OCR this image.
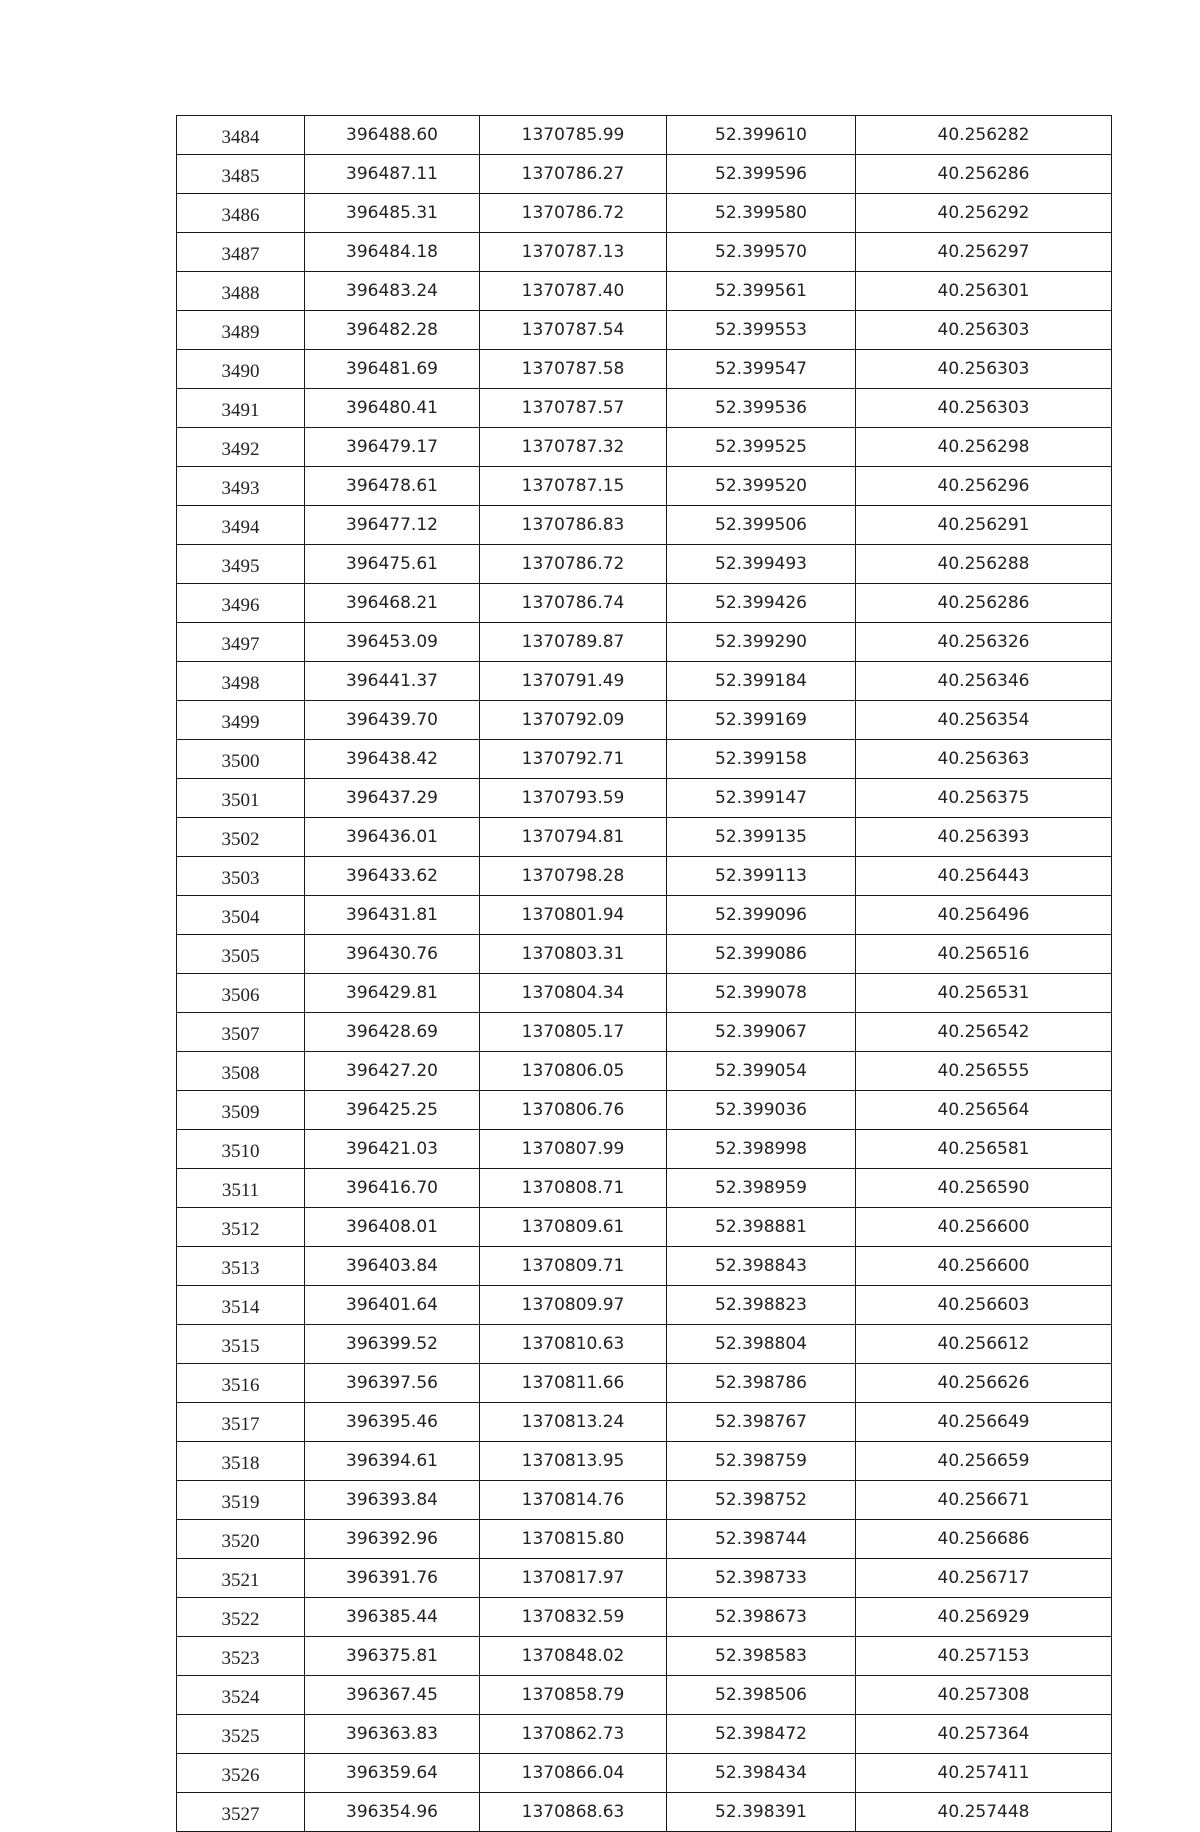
3484	396488.60	1370785.99	52.399610	40.256282
3485	396487.11	1370786.27	52.399596	40.256286
3486	396485.31	1370786.72	52.399580	40.256292
3487	396484.18	1370787.13	52.399570	40.256297
3488	396483.24	1370787.40	52.399561	40.256301
3489	396482.28	1370787.54	52.399553	40.256303
3490	396481.69	1370787.58	52.399547	40.256303
3491	396480.41	1370787.57	52.399536	40.256303
3492	396479.17	1370787.32	52.399525	40.256298
3493	396478.61	1370787.15	52.399520	40.256296
3494	396477.12	1370786.83	52.399506	40.256291
3495	396475.61	1370786.72	52.399493	40.256288
3496	396468.21	1370786.74	52.399426	40.256286
3497	396453.09	1370789.87	52.399290	40.256326
3498	396441.37	1370791.49	52.399184	40.256346
3499	396439.70	1370792.09	52.399169	40.256354
3500	396438.42	1370792.71	52.399158	40.256363
3501	396437.29	1370793.59	52.399147	40.256375
3502	396436.01	1370794.81	52.399135	40.256393
3503	396433.62	1370798.28	52.399113	40.256443
3504	396431.81	1370801.94	52.399096	40.256496
3505	396430.76	1370803.31	52.399086	40.256516
3506	396429.81	1370804.34	52.399078	40.256531
3507	396428.69	1370805.17	52.399067	40.256542
3508	396427.20	1370806.05	52.399054	40.256555
3509	396425.25	1370806.76	52.399036	40.256564
3510	396421.03	1370807.99	52.398998	40.256581
3511	396416.70	1370808.71	52.398959	40.256590
3512	396408.01	1370809.61	52.398881	40.256600
3513	396403.84	1370809.71	52.398843	40.256600
3514	396401.64	1370809.97	52.398823	40.256603
3515	396399.52	1370810.63	52.398804	40.256612
3516	396397.56	1370811.66	52.398786	40.256626
3517	396395.46	1370813.24	52.398767	40.256649
3518	396394.61	1370813.95	52.398759	40.256659
3519	396393.84	1370814.76	52.398752	40.256671
3520	396392.96	1370815.80	52.398744	40.256686
3521	396391.76	1370817.97	52.398733	40.256717
3522	396385.44	1370832.59	52.398673	40.256929
3523	396375.81	1370848.02	52.398583	40.257153
3524	396367.45	1370858.79	52.398506	40.257308
3525	396363.83	1370862.73	52.398472	40.257364
3526	396359.64	1370866.04	52.398434	40.257411
3527	396354.96	1370868.63	52.398391	40.257448
